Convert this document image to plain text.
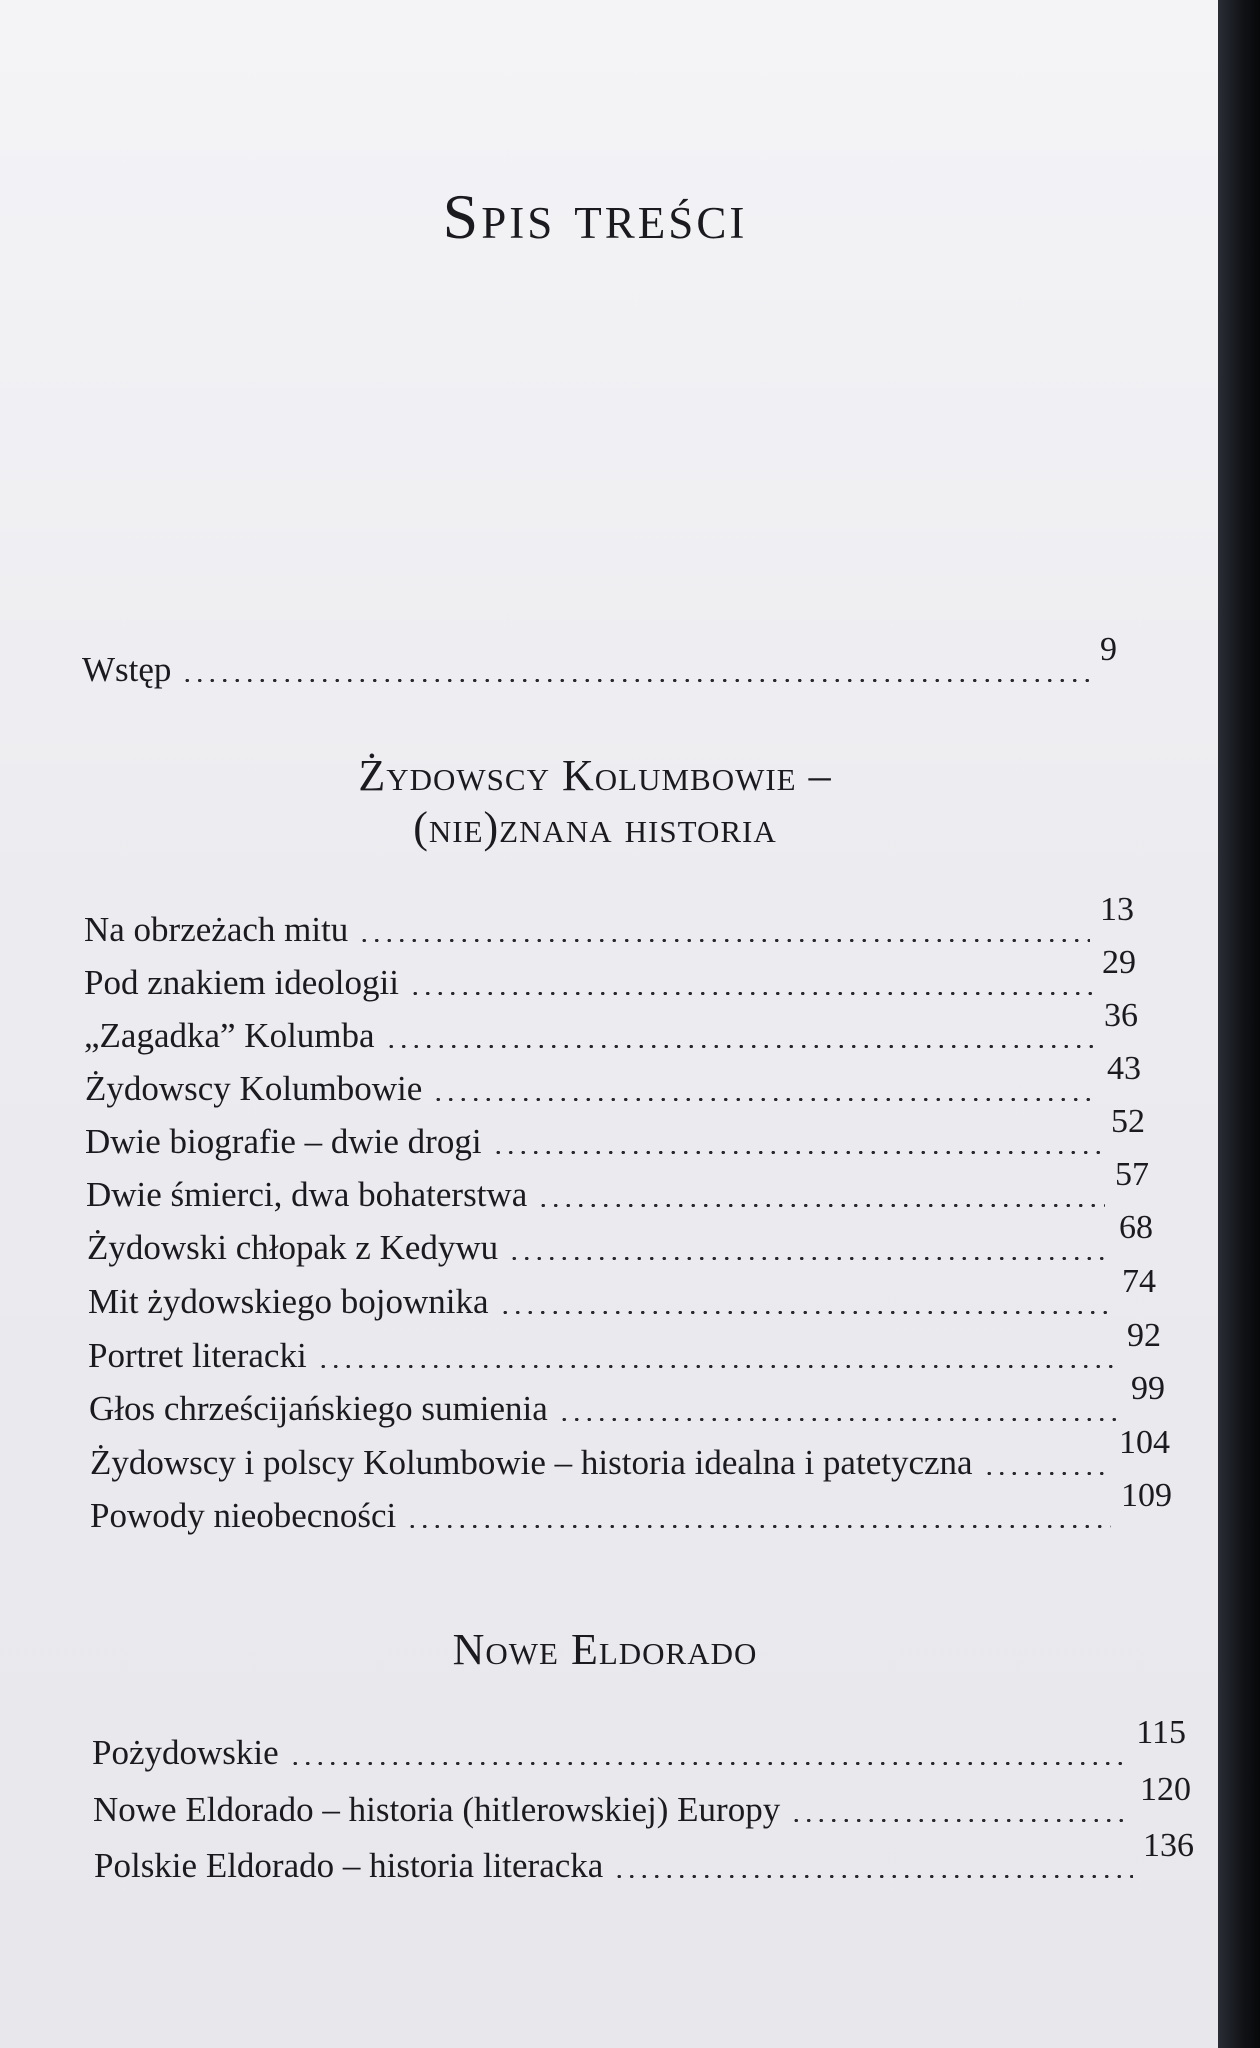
Spis treści
Wstęp
9
Żydowscy Kolumbowie –
(nie)znana historia
Na obrzeżach mitu
13
Pod znakiem ideologii
29
„Zagadka” Kolumba
36
Żydowscy Kolumbowie
43
Dwie biografie – dwie drogi
52
Dwie śmierci, dwa bohaterstwa
57
Żydowski chłopak z Kedywu
68
Mit żydowskiego bojownika
74
Portret literacki
92
Głos chrześcijańskiego sumienia
99
Żydowscy i polscy Kolumbowie – historia idealna i patetyczna
104
Powody nieobecności
109
Nowe Eldorado
Pożydowskie
115
Nowe Eldorado – historia (hitlerowskiej) Europy
120
Polskie Eldorado – historia literacka
136
